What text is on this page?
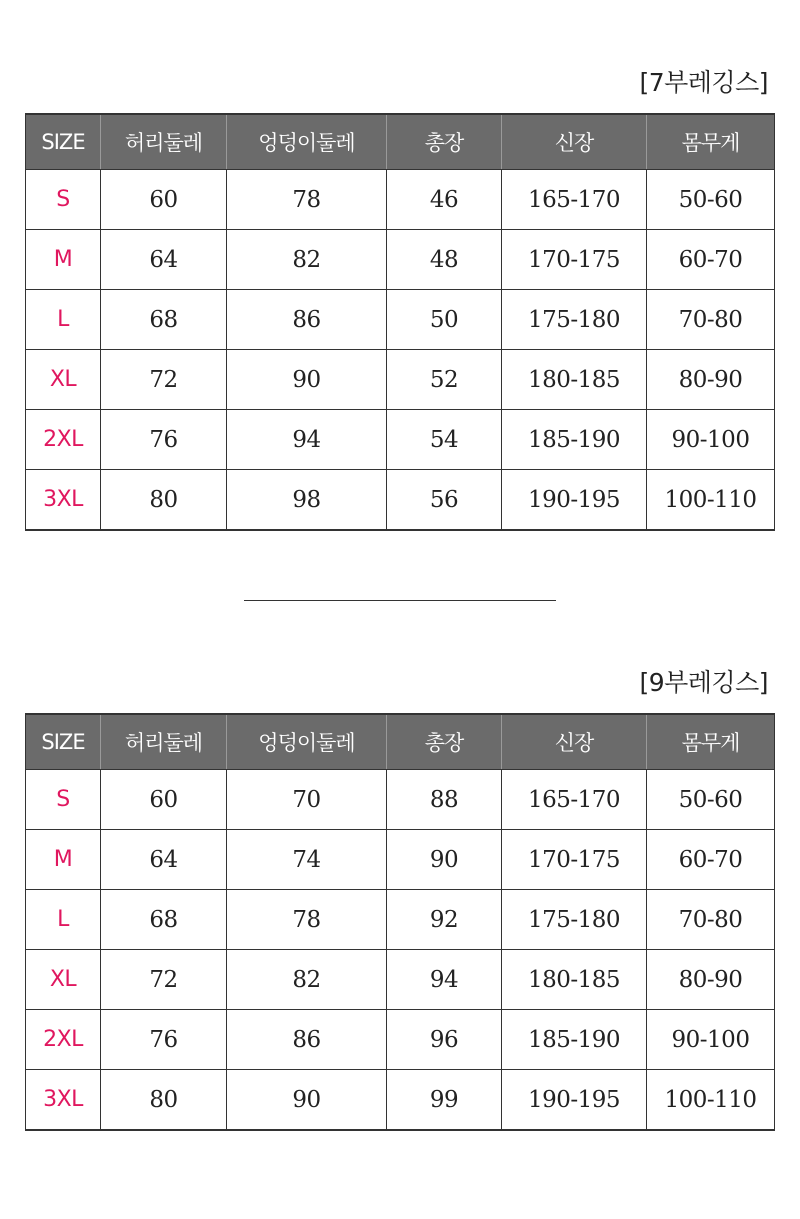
[7부레깅스]
SIZE	허리둘레	엉덩이둘레	총장	신장	몸무게
S	60	78	46	165-170	50-60
M	64	82	48	170-175	60-70
L	68	86	50	175-180	70-80
XL	72	90	52	180-185	80-90
2XL	76	94	54	185-190	90-100
3XL	80	98	56	190-195	100-110
[9부레깅스]
SIZE	허리둘레	엉덩이둘레	총장	신장	몸무게
S	60	70	88	165-170	50-60
M	64	74	90	170-175	60-70
L	68	78	92	175-180	70-80
XL	72	82	94	180-185	80-90
2XL	76	86	96	185-190	90-100
3XL	80	90	99	190-195	100-110
